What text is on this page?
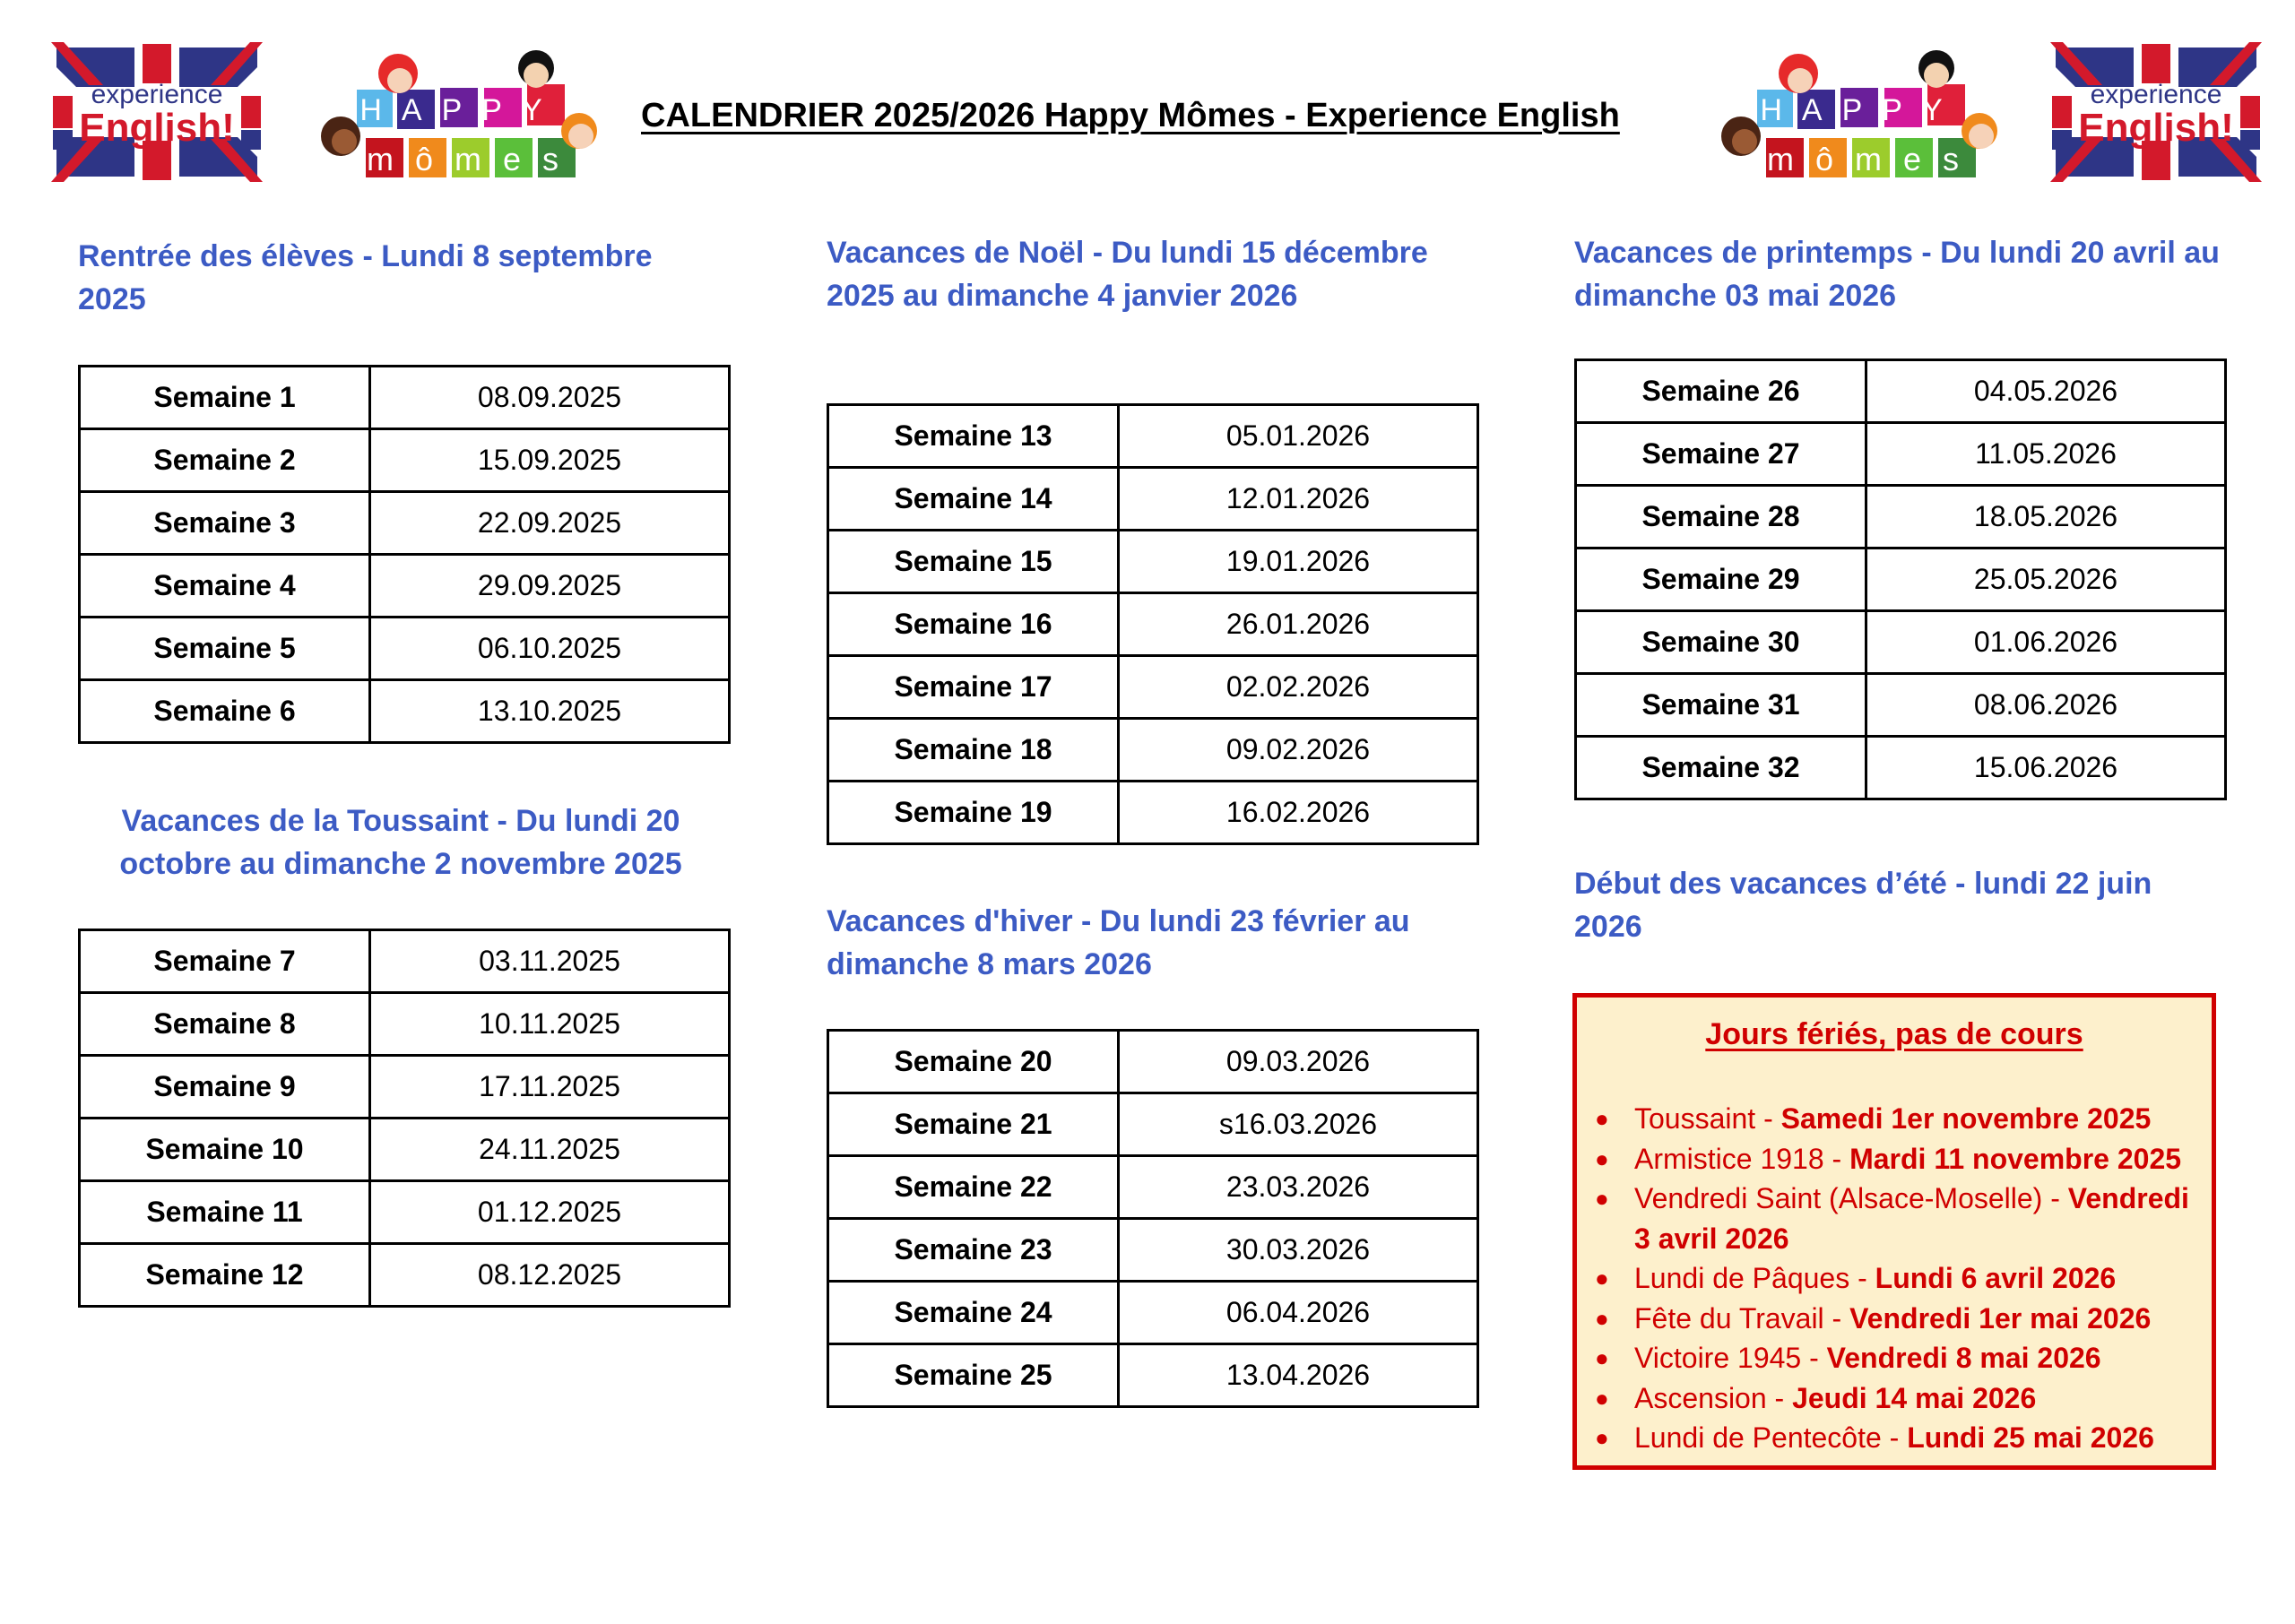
experience
English!	HAPPY
mômes
CALENDRIER 2025/2026 Happy Mômes - Experience English	HAPPY
mômes
experience
English!
Rentrée des élèves - Lundi 8 septembre 2025
Semaine 1	08.09.2025
Semaine 2	15.09.2025
Semaine 3	22.09.2025
Semaine 4	29.09.2025
Semaine 5	06.10.2025
Semaine 6	13.10.2025
Vacances de la Toussaint - Du lundi 20 octobre au dimanche 2 novembre 2025
Semaine 7	03.11.2025
Semaine 8	10.11.2025
Semaine 9	17.11.2025
Semaine 10	24.11.2025
Semaine 11	01.12.2025
Semaine 12	08.12.2025
Vacances de Noël - Du lundi 15 décembre 2025 au dimanche 4 janvier 2026
Semaine 13	05.01.2026
Semaine 14	12.01.2026
Semaine 15	19.01.2026
Semaine 16	26.01.2026
Semaine 17	02.02.2026
Semaine 18	09.02.2026
Semaine 19	16.02.2026
Vacances d'hiver - Du lundi 23 février au dimanche 8 mars 2026
Semaine 20	09.03.2026
Semaine 21	s16.03.2026
Semaine 22	23.03.2026
Semaine 23	30.03.2026
Semaine 24	06.04.2026
Semaine 25	13.04.2026
Vacances de printemps - Du lundi 20 avril au dimanche 03 mai 2026
Semaine 26	04.05.2026
Semaine 27	11.05.2026
Semaine 28	18.05.2026
Semaine 29	25.05.2026
Semaine 30	01.06.2026
Semaine 31	08.06.2026
Semaine 32	15.06.2026
Début des vacances d’été - lundi 22 juin 2026
Jours fériés, pas de cours
● Toussaint - Samedi 1er novembre 2025
● Armistice 1918 - Mardi 11 novembre 2025
● Vendredi Saint (Alsace-Moselle) - Vendredi 3 avril 2026
● Lundi de Pâques - Lundi 6 avril 2026
● Fête du Travail - Vendredi 1er mai 2026
● Victoire 1945 - Vendredi 8 mai 2026
● Ascension - Jeudi 14 mai 2026
● Lundi de Pentecôte - Lundi 25 mai 2026
